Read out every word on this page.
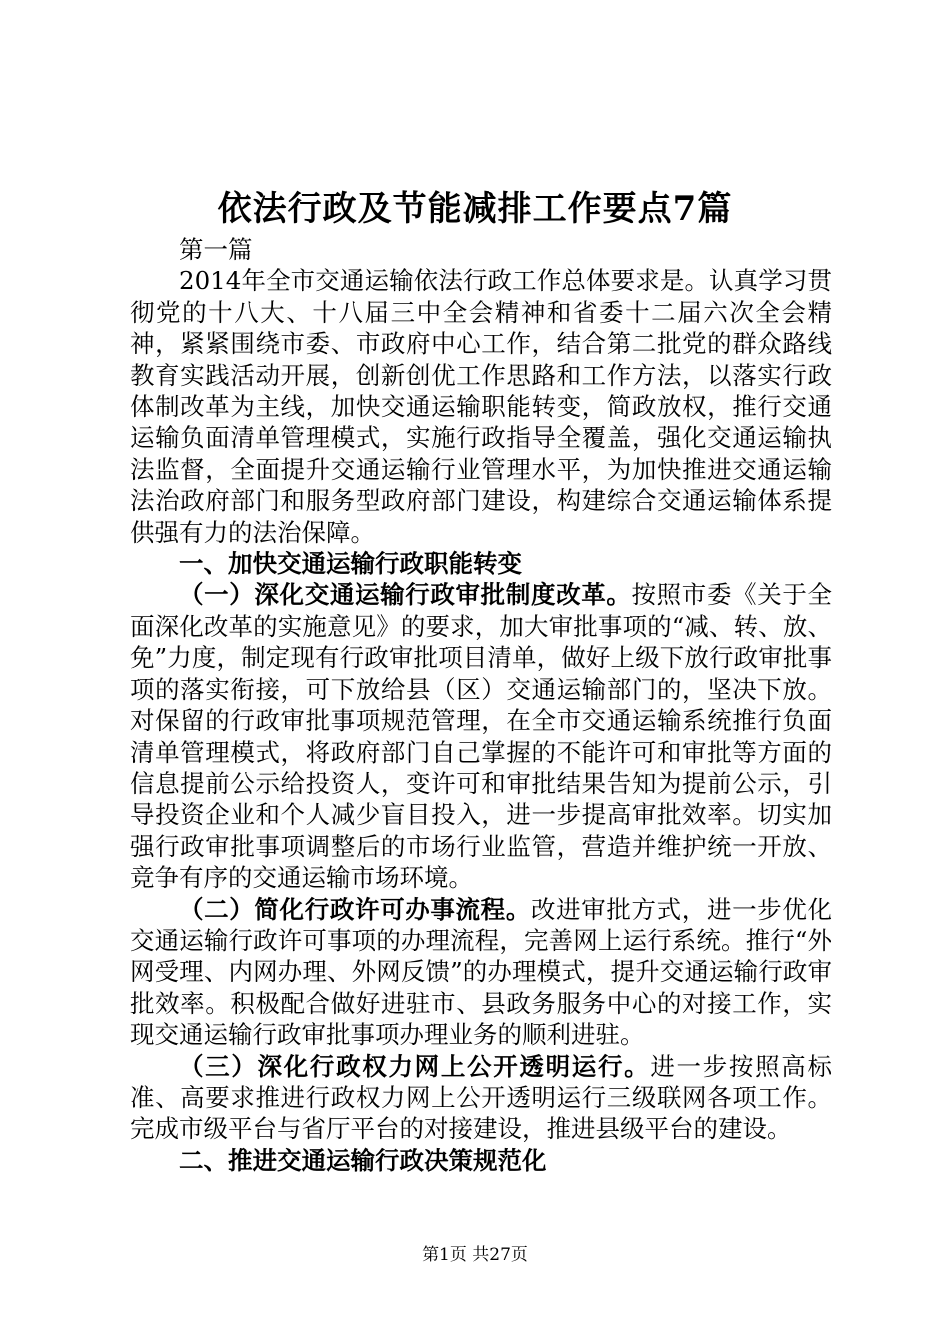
依法行政及节能减排工作要点7篇

第一篇

2014年全市交通运输依法行政工作总体要求是。认真学习贯彻党的十八大、十八届三中全会精神和省委十二届六次全会精神，紧紧围绕市委、市政府中心工作，结合第二批党的群众路线教育实践活动开展，创新创优工作思路和工作方法，以落实行政体制改革为主线，加快交通运输职能转变，简政放权，推行交通运输负面清单管理模式，实施行政指导全覆盖，强化交通运输执法监督，全面提升交通运输行业管理水平，为加快推进交通运输法治政府部门和服务型政府部门建设，构建综合交通运输体系提供强有力的法治保障。

一、加快交通运输行政职能转变

（一）深化交通运输行政审批制度改革。按照市委《关于全面深化改革的实施意见》的要求，加大审批事项的“减、转、放、免”力度，制定现有行政审批项目清单，做好上级下放行政审批事项的落实衔接，可下放给县（区）交通运输部门的，坚决下放。对保留的行政审批事项规范管理，在全市交通运输系统推行负面清单管理模式，将政府部门自己掌握的不能许可和审批等方面的信息提前公示给投资人，变许可和审批结果告知为提前公示，引导投资企业和个人减少盲目投入，进一步提高审批效率。切实加强行政审批事项调整后的市场行业监管，营造并维护统一开放、竞争有序的交通运输市场环境。

（二）简化行政许可办事流程。改进审批方式，进一步优化交通运输行政许可事项的办理流程，完善网上运行系统。推行“外网受理、内网办理、外网反馈”的办理模式，提升交通运输行政审批效率。积极配合做好进驻市、县政务服务中心的对接工作，实现交通运输行政审批事项办理业务的顺利进驻。

（三）深化行政权力网上公开透明运行。进一步按照高标准、高要求推进行政权力网上公开透明运行三级联网各项工作。完成市级平台与省厅平台的对接建设，推进县级平台的建设。

二、推进交通运输行政决策规范化

第1页 共27页
